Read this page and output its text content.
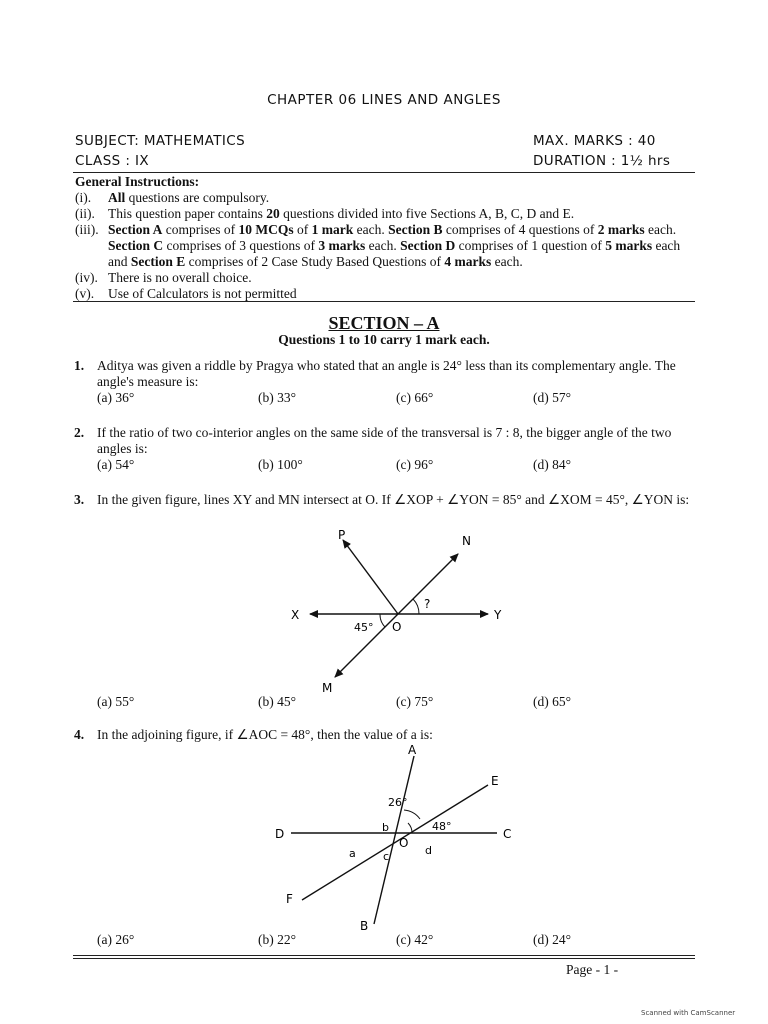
CHAPTER 06 LINES AND ANGLES
SUBJECT: MATHEMATICS	MAX. MARKS : 40
CLASS : IX	DURATION : 1½ hrs
General Instructions:
(i). All questions are compulsory.
(ii). This question paper contains 20 questions divided into five Sections A, B, C, D and E.
(iii). Section A comprises of 10 MCQs of 1 mark each. Section B comprises of 4 questions of 2 marks each. Section C comprises of 3 questions of 3 marks each. Section D comprises of 1 question of 5 marks each and Section E comprises of 2 Case Study Based Questions of 4 marks each.
(iv). There is no overall choice.
(v). Use of Calculators is not permitted
SECTION – A
Questions 1 to 10 carry 1 mark each.
1. Aditya was given a riddle by Pragya who stated that an angle is 24° less than its complementary angle. The angle's measure is:
(a) 36°	(b) 33°	(c) 66°	(d) 57°
2. If the ratio of two co-interior angles on the same side of the transversal is 7 : 8, the bigger angle of the two angles is:
(a) 54°	(b) 100°	(c) 96°	(d) 84°
3. In the given figure, lines XY and MN intersect at O. If ∠XOP + ∠YON = 85° and ∠XOM = 45°, ∠YON is:
P	N
X	Y
M
O
45°
?
(a) 55°	(b) 45°	(c) 75°	(d) 65°
4. In the adjoining figure, if ∠AOC = 48°, then the value of a is:
A
E
D	C
F
B
O
26°
48°
b
a c	d
(a) 26°	(b) 22°	(c) 42°	(d) 24°
Page - 1 -
Scanned with CamScanner
